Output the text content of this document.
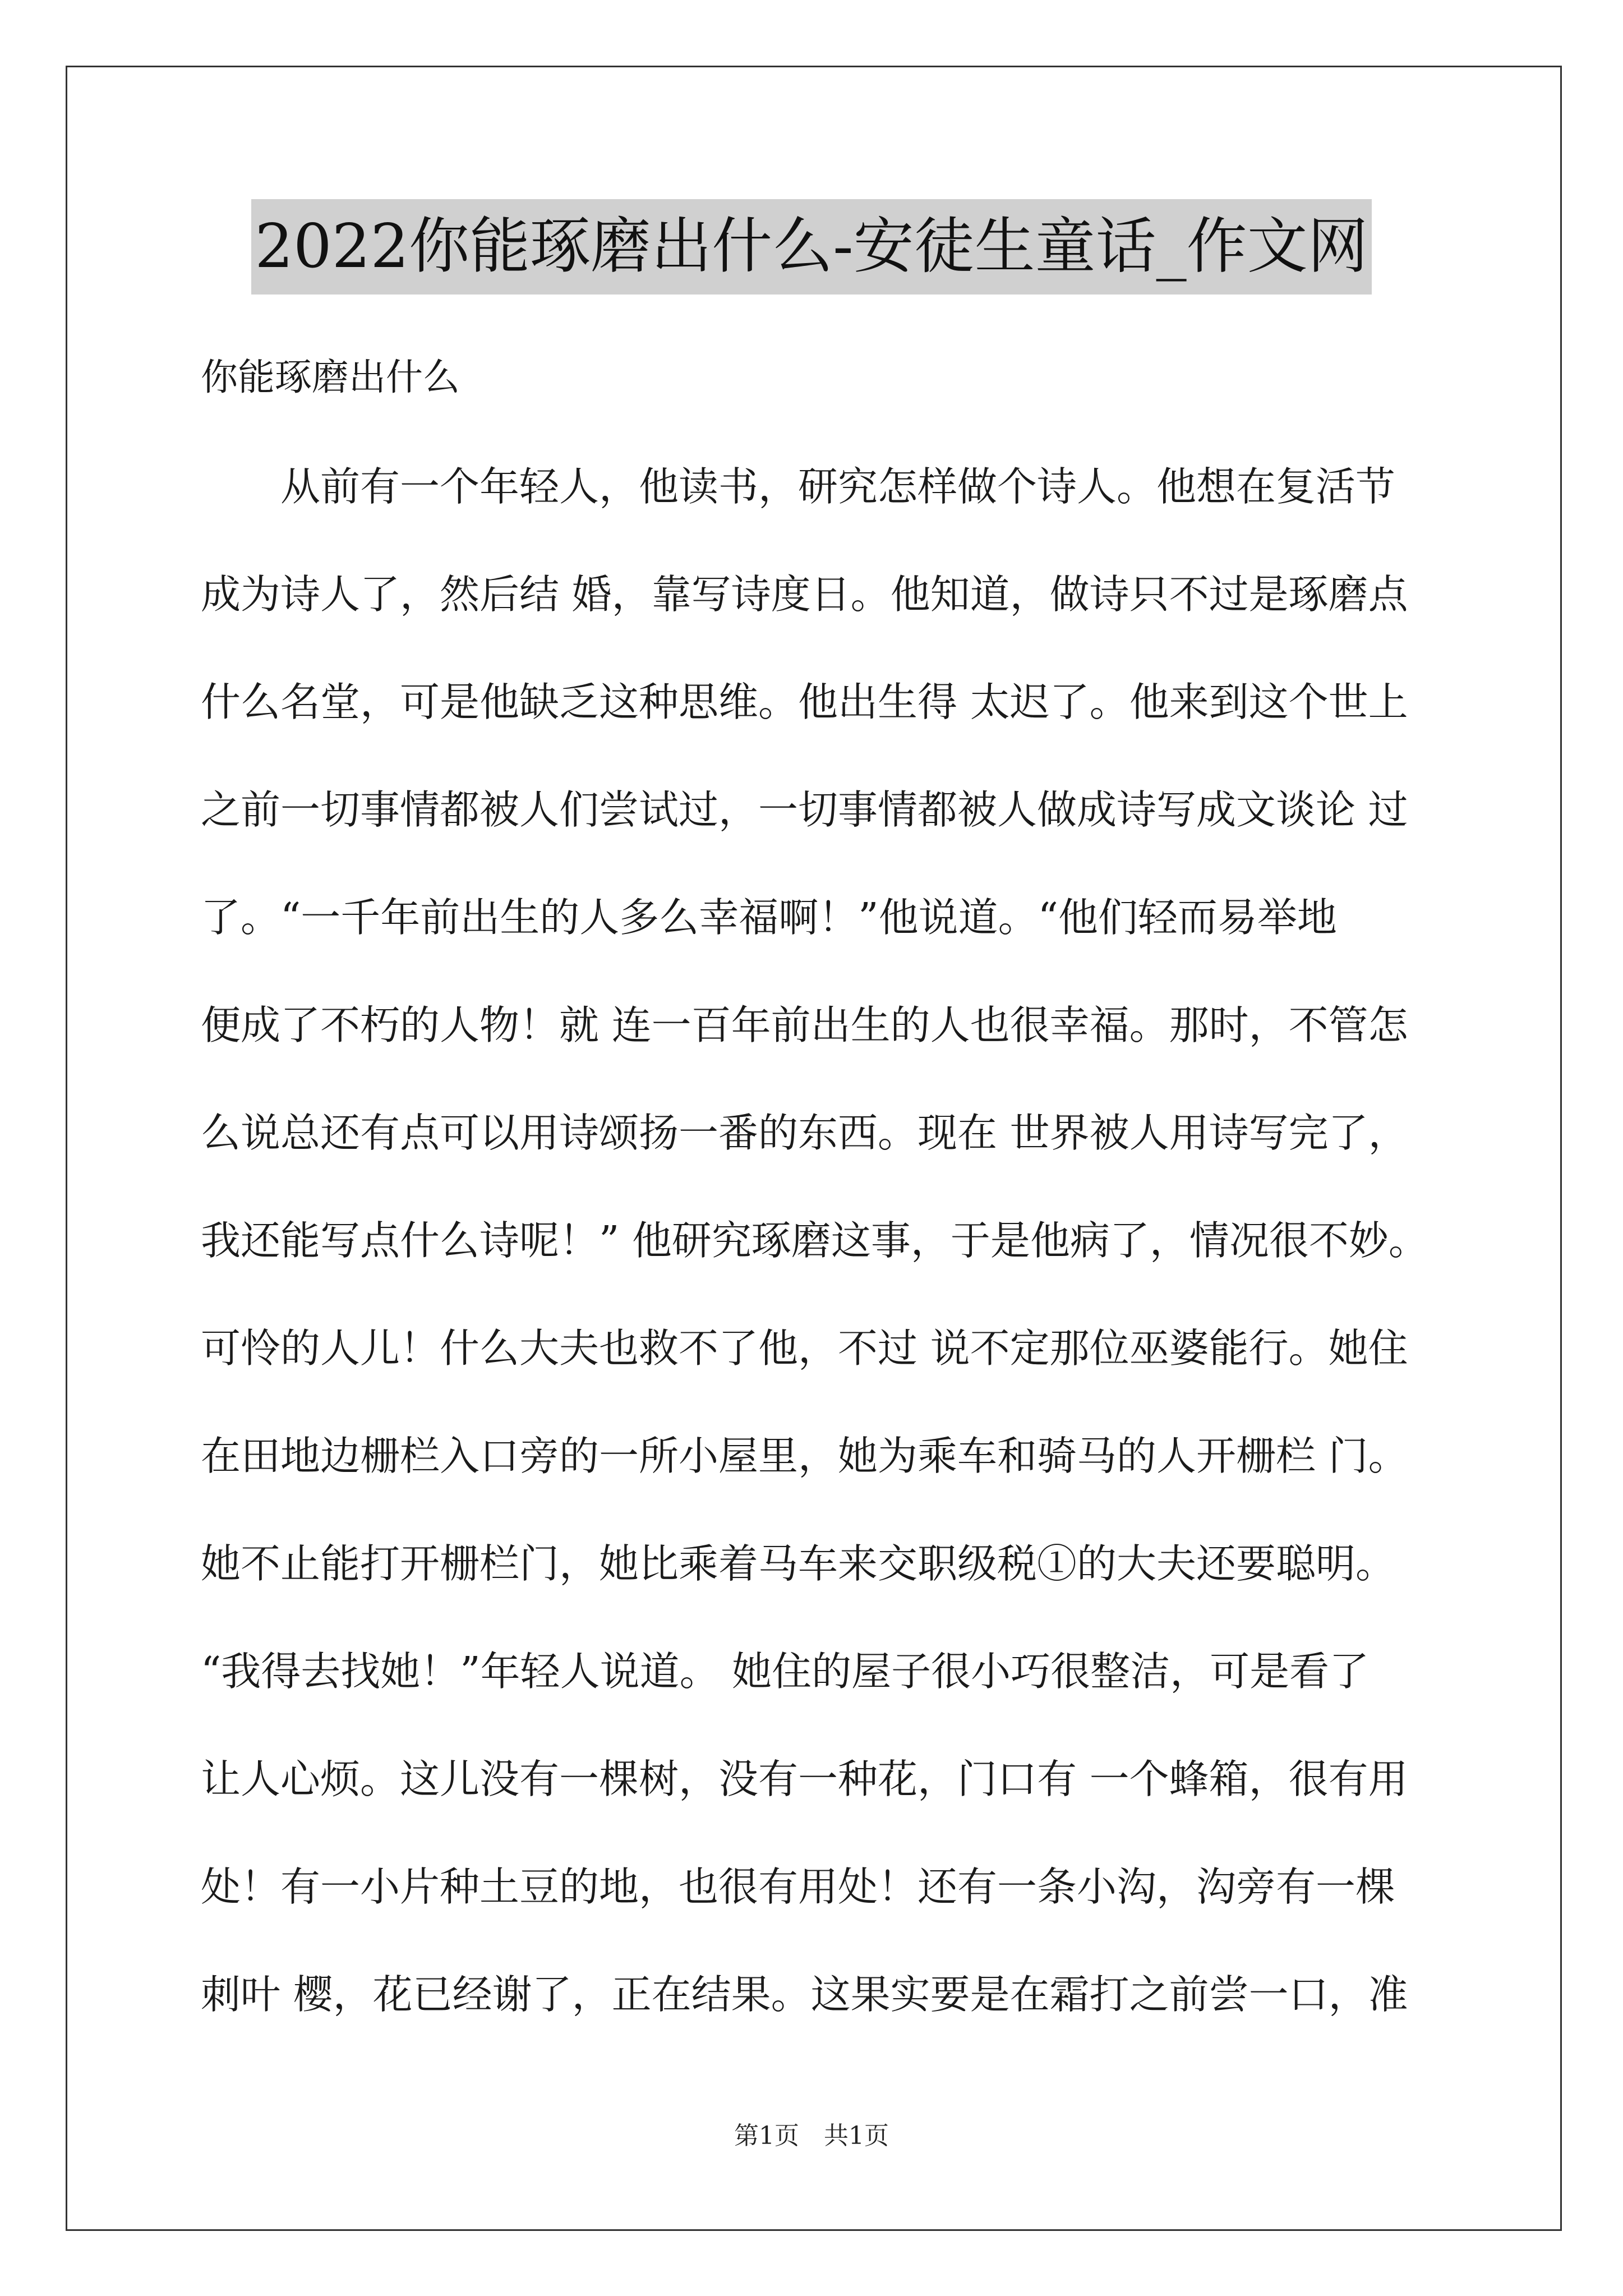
2022你能琢磨出什么-安徒生童话_作文网
你能琢磨出什么
　　从前有一个年轻人，他读书，研究怎样做个诗人。他想在复活节
成为诗人了，然后结 婚，靠写诗度日。他知道，做诗只不过是琢磨点
什么名堂，可是他缺乏这种思维。他出生得 太迟了。他来到这个世上
之前一切事情都被人们尝试过，一切事情都被人做成诗写成文谈论 过
了。“一千年前出生的人多么幸福啊！”他说道。“他们轻而易举地
便成了不朽的人物！就 连一百年前出生的人也很幸福。那时，不管怎
么说总还有点可以用诗颂扬一番的东西。现在 世界被人用诗写完了，
我还能写点什么诗呢！” 他研究琢磨这事，于是他病了，情况很不妙。
可怜的人儿！什么大夫也救不了他，不过 说不定那位巫婆能行。她住
在田地边栅栏入口旁的一所小屋里，她为乘车和骑马的人开栅栏 门。
她不止能打开栅栏门，她比乘着马车来交职级税①的大夫还要聪明。
“我得去找她！”年轻人说道。 她住的屋子很小巧很整洁，可是看了
让人心烦。这儿没有一棵树，没有一种花，门口有 一个蜂箱，很有用
处！有一小片种土豆的地，也很有用处！还有一条小沟，沟旁有一棵
刺叶 樱，花已经谢了，正在结果。这果实要是在霜打之前尝一口，准
第1页　共1页
